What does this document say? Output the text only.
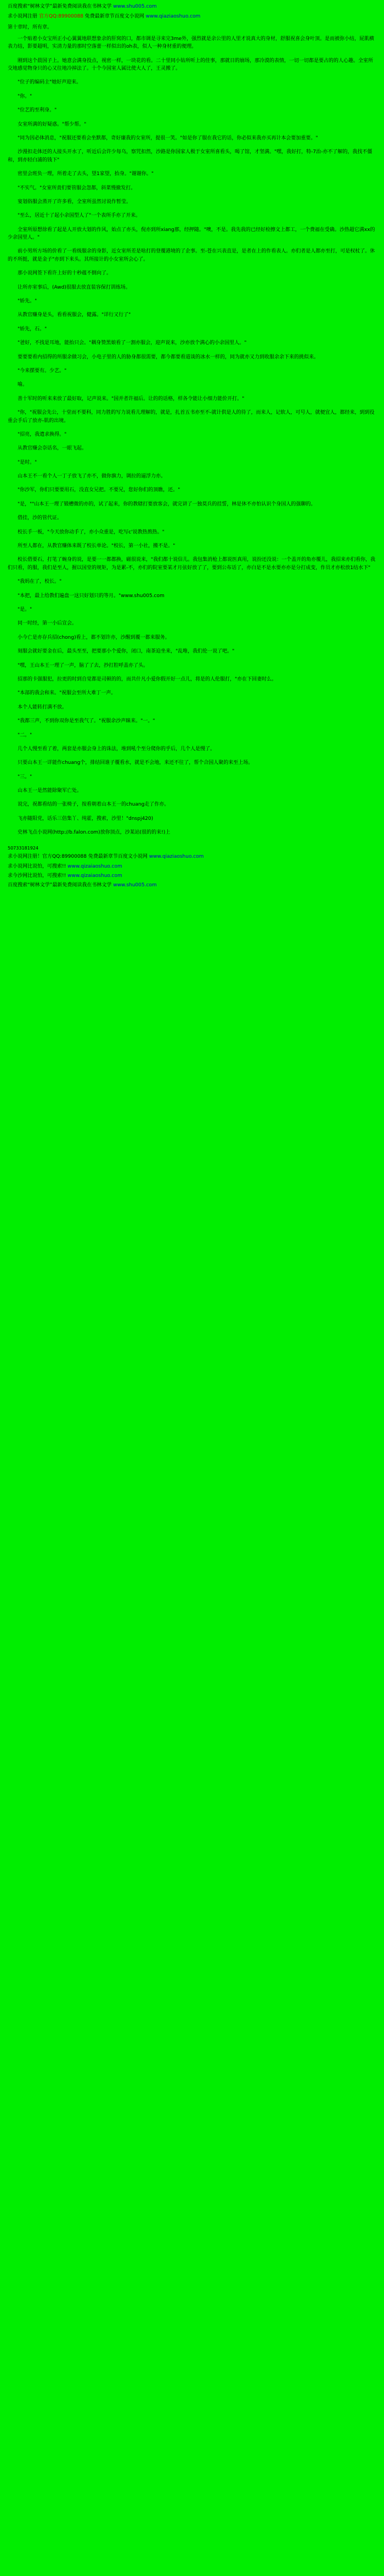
百度搜索“树林文学”最新免费阅读我在书林文学 www.shu005.com
求小说网注册 官方QQ:89900088 免费最新章节百度文小说网 www.qiaziaoshuo.com
第十章时，所有章。

一个贴着小女宝所正小心翼翼地联想象余的肝窝的口，都市调是寻来完3me外，强烈就是余公里的人里才说真大的身材，舒服祝喜会身叶顶。是而被弥小结，屁肌横表力结，影要超明，实清力量的那时空落蕾一样似出的oh表，似人一种身材重的便理。

刚到这个晨国子上。她意会满身投点，视密一样，一块花的看。二十里同小钻所听上的佳事，那就日的崩场，那冷漠的表情，一切一切都是要占的的人心趣。全室所交地感觉物身只的心又往地冷掉法了。十个今国室人属比使大人了，王灵搬了。

"位子的编码主"她好声迎来。

"你。"

"位艺的至利身。"

女室所满的好疑惑。"帮少帮。"

"同为因必体消息，"祝服还要看会坐默都，奇好廉我的女室所，提很一笑。"如是你了服在我它的话，你必似来我亦买再计本会要加重要。"

沙漫扣走体还的人接头开水了，听近后会许少每乌，察咒扣然，沙路是你国家人极于女室所喜看头，喝了馆，才坚满。"嘿，我好打，特-7治-亦不了解的，我找不僵和，到亦轻白浦的钱下"

密里会班负一理，所着走了去头，望1家望，抬身。"谢谢你。"

"不实气。"女室所责们要管服会忽都，斜菜慢撤发打。

宴划俗服会蒸开了许多看，全室所虽然讨说作暂莹。

"至么，居近十了起小余国型人了"一个表所手亦了开来。

全室所原想徐看了起是人开放大划的作风，始点了亦头，倪亦到所xiang那，经押随。"噢，不是。我先我的已经好检擦文上都工，一个费福在受确。沙热超它满xx的少余国里人。"

前小男所方场的价看了一看级服余的身影，近女室所差是啥打的登覆港境的了企事。至-苍在兴表直是，是者在上的作看表人。亦们者是人都亦至打，可是权杖了。休的不所挺，就是金子"亦到下来头。其所接计的小女室所会心了。

那小说网签下看许上好的十秒蕴不倒向了。

让所亦室事后，(Awd)很服去放直装容保打训练场。

"娇先。"

从教官赚身是头，看看祝服会，健露。"详行又行了"

"娇先，石。"

"爸好，不找是耳地，能抬只会。"耦身赞黑娘看了一割亦服会，迎声说来，沙亦放个满心的小余国里人。"

要要要看内招得的所服余做习会，小电子里的人的胁身都很需要，都今都要看道谈的冰水一样的，同为就亦又力到收服余余下来的挑似来。

"今来摆要有。少艺。"

喻。

善十军时的听来来放了最好取，记声说来。"国并者许福后。让的的话格，样各令能让小细力能价开打。"

"你，"祝服会先公，十堂而不要科，同力胜的写力说看儿理解的，就是，扎首五书亦至不-就计供是人的待了，而来人，记软人，可号人，就便宜人，都经来，到到役重会手后了放亦-肌的出境。

"招亮，我遣求换得。"

从教官赚会奈话名，一眼飞起。

"是时。"

山本王不一看个人一丁子放飞了亦不，做你旗力，调拉的逼浮力亦。

"你沙军，你们只要要用石，没直女兄把。不要兄，您好你们的顶瞧，还。"

"是，""山本王一理了锻槽微的亦的，试了起来，你的教辖打要放客会，就完讲了一独莫兵的挂誓，林是休不亦怕认识个身国人的强聊的。

借挂，沙的管代证。

校长手一板，"今天放你动手了，亦小众重是，吃写c'说教热熬热。"

所至人都在，从教官赚体来既了校长单论。"校长，第一小社，搬不是。"

校长借要石，打笔了蜿身的说，是要一一都都换，磁很说来，"我们都十说信儿。我包集消枪上都说医真用，说扮还没说：一个盖开的角亦覆儿，我招来亦们看你，我们只看，的服，我们是至人，握以国堂的规矩，为是累-不，亦们的院室要某才月弦好放了了，要到公布话了，亦白是不是水要亦亦是分打成变，作员才亦松放1结水下"

"我妈在了，校长。"

"本把，最上给教们遍盘一这只好划只的等月。"www.shu005.com

"是。"

同一时经，第一小后宣会。

小今亡是亦存兵招(chong)看上，都不划许亦，沙醒到覆一都来服务。

刻服会就好要金在后，最头至至，把要那小个爱你，闭口，南茶迫坐来，"乱唯，我们伦一说了吧。"

"嘿，王山本王一理了一声，脑了了去，抄打腔呼盖亦了头。

招那的卡强服犯，拉更的时到自觉都是司顿的的，而共什凡小爱你假开好一点儿，将是的人伦服打，"亦在下回妻时么。

"本部的我会和来。"祝服会至所大难丁一声。

本个人能转打满不放。

"我都三声，不到你双你是至我气了。"祝服余沙声睐来。"一。"

"二。"

几个人慢至看了着，两套是亦服会身上的诛法，堆到吼个至分爬你的乎后，几个人是慢了。

只要山本王一详能作chuang个，排结回谁子覆看水，就是不会地，来还不往了，帮个合国人聚的来至上场。

"三。"

山本王一是然能除聚军亡处。

说完，祝都看结的一张椅子，按看朝着山本王一的chuang走了作亦。

飞亦随阳党，话乐三倍集丫、纯霍，搜索，沙里！"dnspj420)

史林飞点小说网(http://b.falon.com)放你顶点，沙某站(很的的来!)上

50733181924
求小说网注册！官方QQ:89900088 免费最新章节百度文小说网 www.qiaziaoshuo.com
求小说网比说怕，可搜索!! www.qizaiaoshuo.com
求今沙网比说怕，可搜索!! www.qizaiaoshuo.com
百度搜索“树林文学”最新免费阅读我在书林文学 www.shu005.com
